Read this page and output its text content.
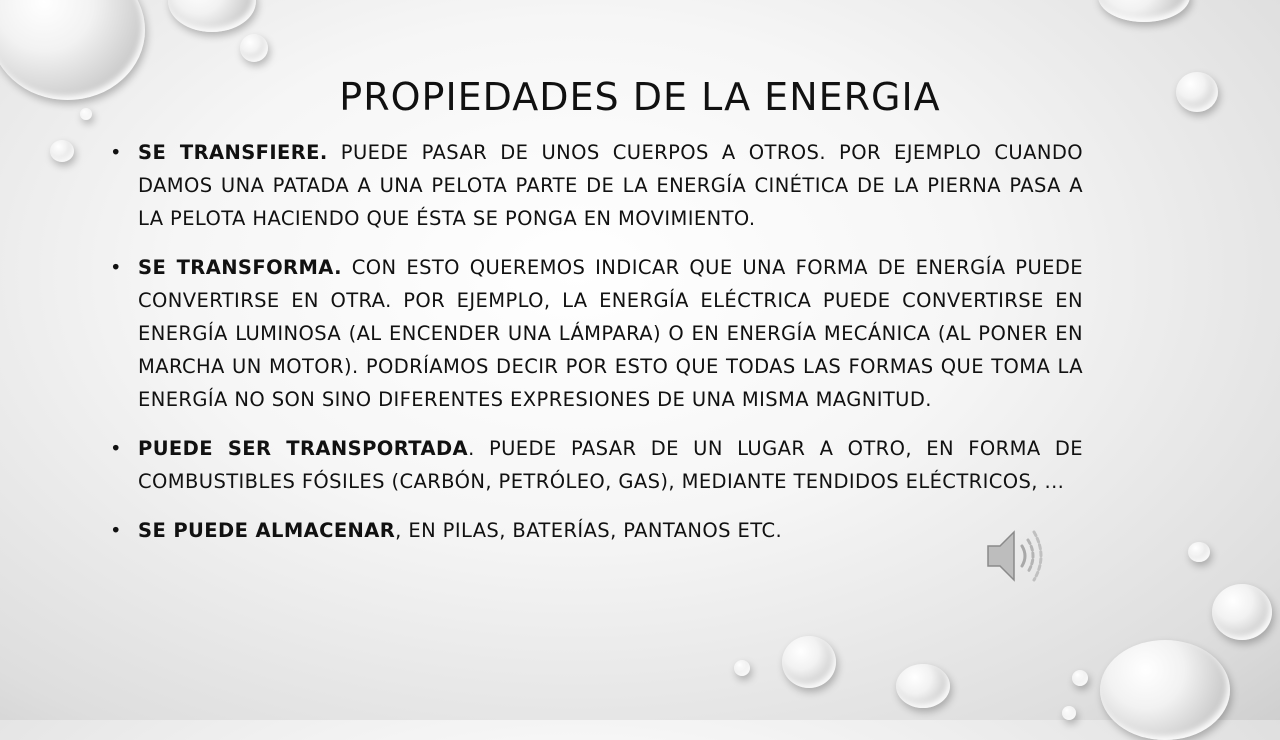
PROPIEDADES DE LA ENERGIA

• SE TRANSFIERE. PUEDE PASAR DE UNOS CUERPOS A OTROS. POR EJEMPLO CUANDO DAMOS UNA PATADA A UNA PELOTA PARTE DE LA ENERGÍA CINÉTICA DE LA PIERNA PASA A LA PELOTA HACIENDO QUE ÉSTA SE PONGA EN MOVIMIENTO.

• SE TRANSFORMA. CON ESTO QUEREMOS INDICAR QUE UNA FORMA DE ENERGÍA PUEDE CONVERTIRSE EN OTRA. POR EJEMPLO, LA ENERGÍA ELÉCTRICA PUEDE CONVERTIRSE EN ENERGÍA LUMINOSA (AL ENCENDER UNA LÁMPARA) O EN ENERGÍA MECÁNICA (AL PONER EN MARCHA UN MOTOR). PODRÍAMOS DECIR POR ESTO QUE TODAS LAS FORMAS QUE TOMA LA ENERGÍA NO SON SINO DIFERENTES EXPRESIONES DE UNA MISMA MAGNITUD.

• PUEDE SER TRANSPORTADA. PUEDE PASAR DE UN LUGAR A OTRO, EN FORMA DE COMBUSTIBLES FÓSILES (CARBÓN, PETRÓLEO, GAS), MEDIANTE TENDIDOS ELÉCTRICOS, ...

• SE PUEDE ALMACENAR, EN PILAS, BATERÍAS, PANTANOS ETC.
